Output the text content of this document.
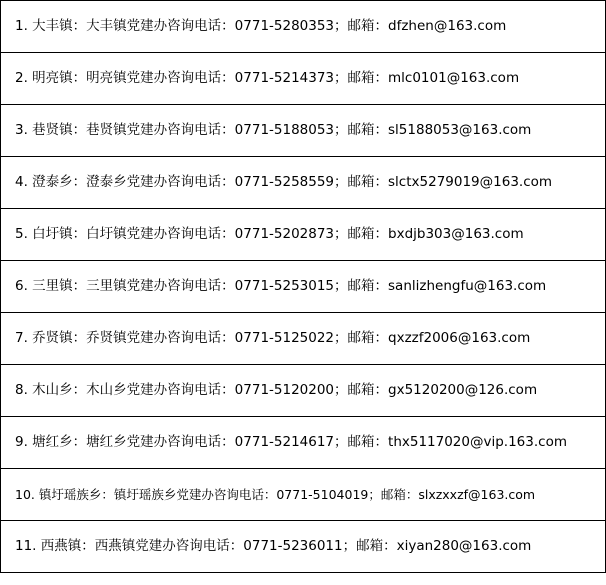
1. 大丰镇：大丰镇党建办咨询电话：0771-5280353；邮箱：dfzhen@163.com

2. 明亮镇：明亮镇党建办咨询电话：0771-5214373；邮箱：mlc0101@163.com

3. 巷贤镇：巷贤镇党建办咨询电话：0771-5188053；邮箱：sl5188053@163.com

4. 澄泰乡：澄泰乡党建办咨询电话：0771-5258559；邮箱：slctx5279019@163.com

5. 白圩镇：白圩镇党建办咨询电话：0771-5202873；邮箱：bxdjb303@163.com

6. 三里镇：三里镇党建办咨询电话：0771-5253015；邮箱：sanlizhengfu@163.com

7. 乔贤镇：乔贤镇党建办咨询电话：0771-5125022；邮箱：qxzzf2006@163.com

8. 木山乡：木山乡党建办咨询电话：0771-5120200；邮箱：gx5120200@126.com

9. 塘红乡：塘红乡党建办咨询电话：0771-5214617；邮箱：thx5117020@vip.163.com

10. 镇圩瑶族乡：镇圩瑶族乡党建办咨询电话：0771-5104019；邮箱：slxzxxzf@163.com

11. 西燕镇：西燕镇党建办咨询电话：0771-5236011；邮箱：xiyan280@163.com
